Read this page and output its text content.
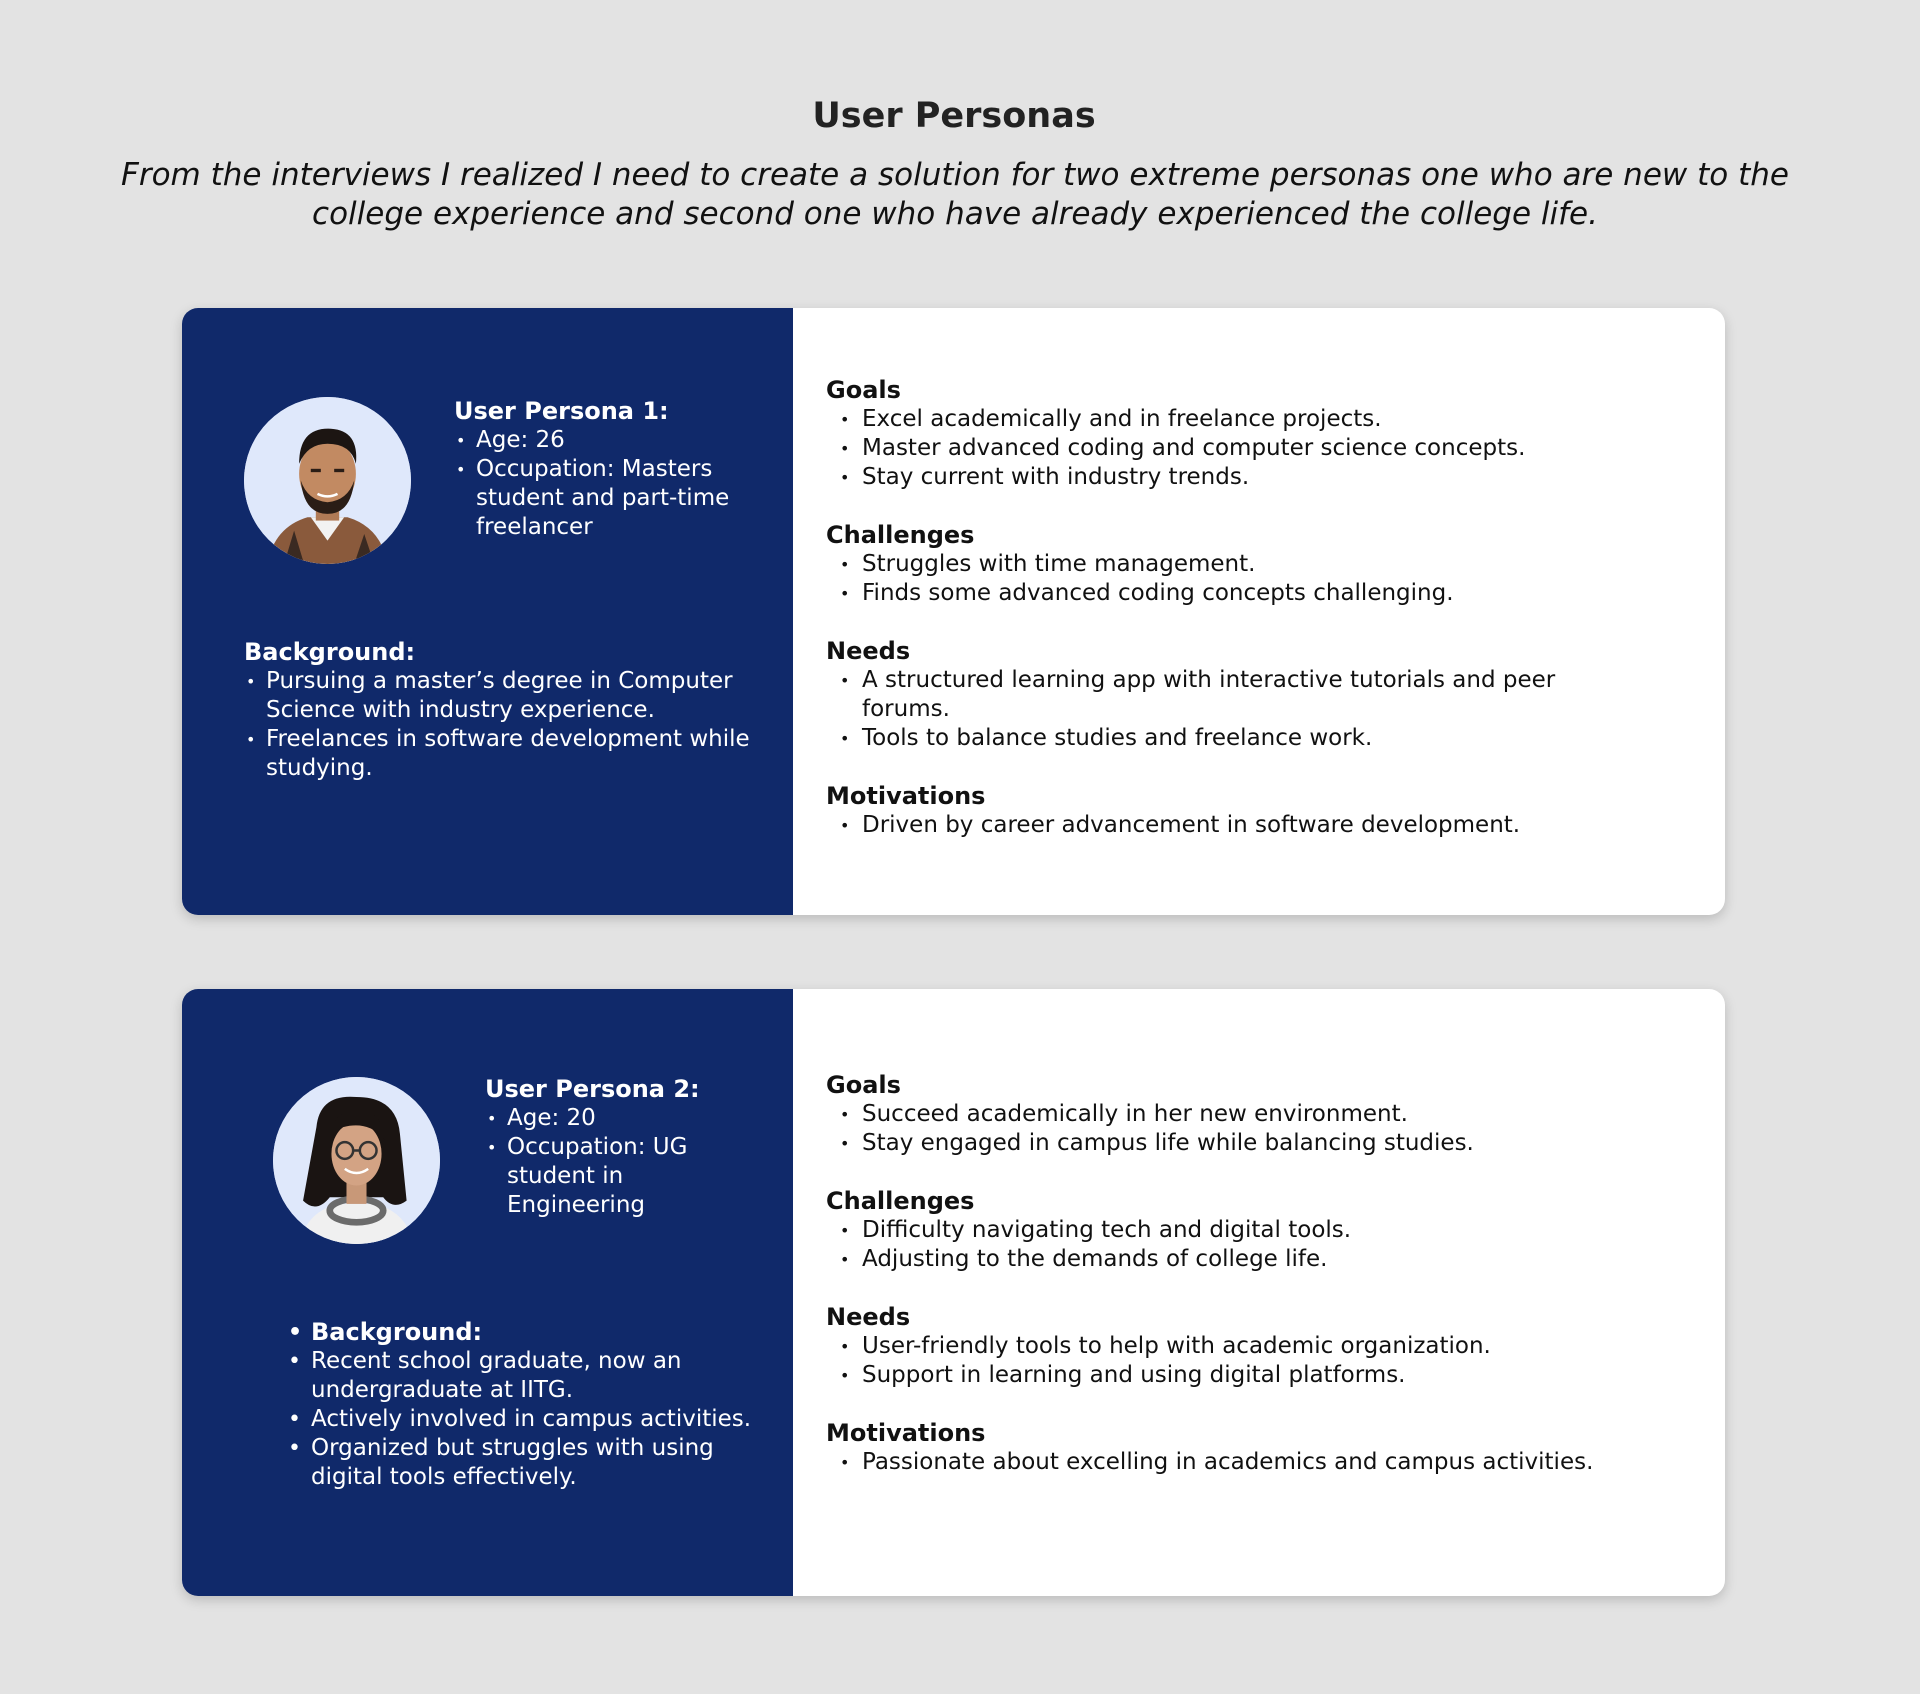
User Personas

From the interviews I realized I need to create a solution for two extreme personas one who are new to the college experience and second one who have already experienced the college life.

User Persona 1:

• Age: 26
• Occupation: Masters student and part-time freelancer

Background:

• Pursuing a master’s degree in Computer Science with industry experience.
• Freelances in software development while studying.

Goals

• Excel academically and in freelance projects.
• Master advanced coding and computer science concepts.
• Stay current with industry trends.

Challenges

• Struggles with time management.
• Finds some advanced coding concepts challenging.

Needs

• A structured learning app with interactive tutorials and peer forums.
• Tools to balance studies and freelance work.

Motivations

• Driven by career advancement in software development.

User Persona 2:

• Age: 20
• Occupation: UG student in Engineering
• Background:
• Recent school graduate, now an undergraduate at IITG.
• Actively involved in campus activities.
• Organized but struggles with using digital tools effectively.

Goals

• Succeed academically in her new environment.
• Stay engaged in campus life while balancing studies.

Challenges

• Difficulty navigating tech and digital tools.
• Adjusting to the demands of college life.

Needs

• User-friendly tools to help with academic organization.
• Support in learning and using digital platforms.

Motivations

• Passionate about excelling in academics and campus activities.
